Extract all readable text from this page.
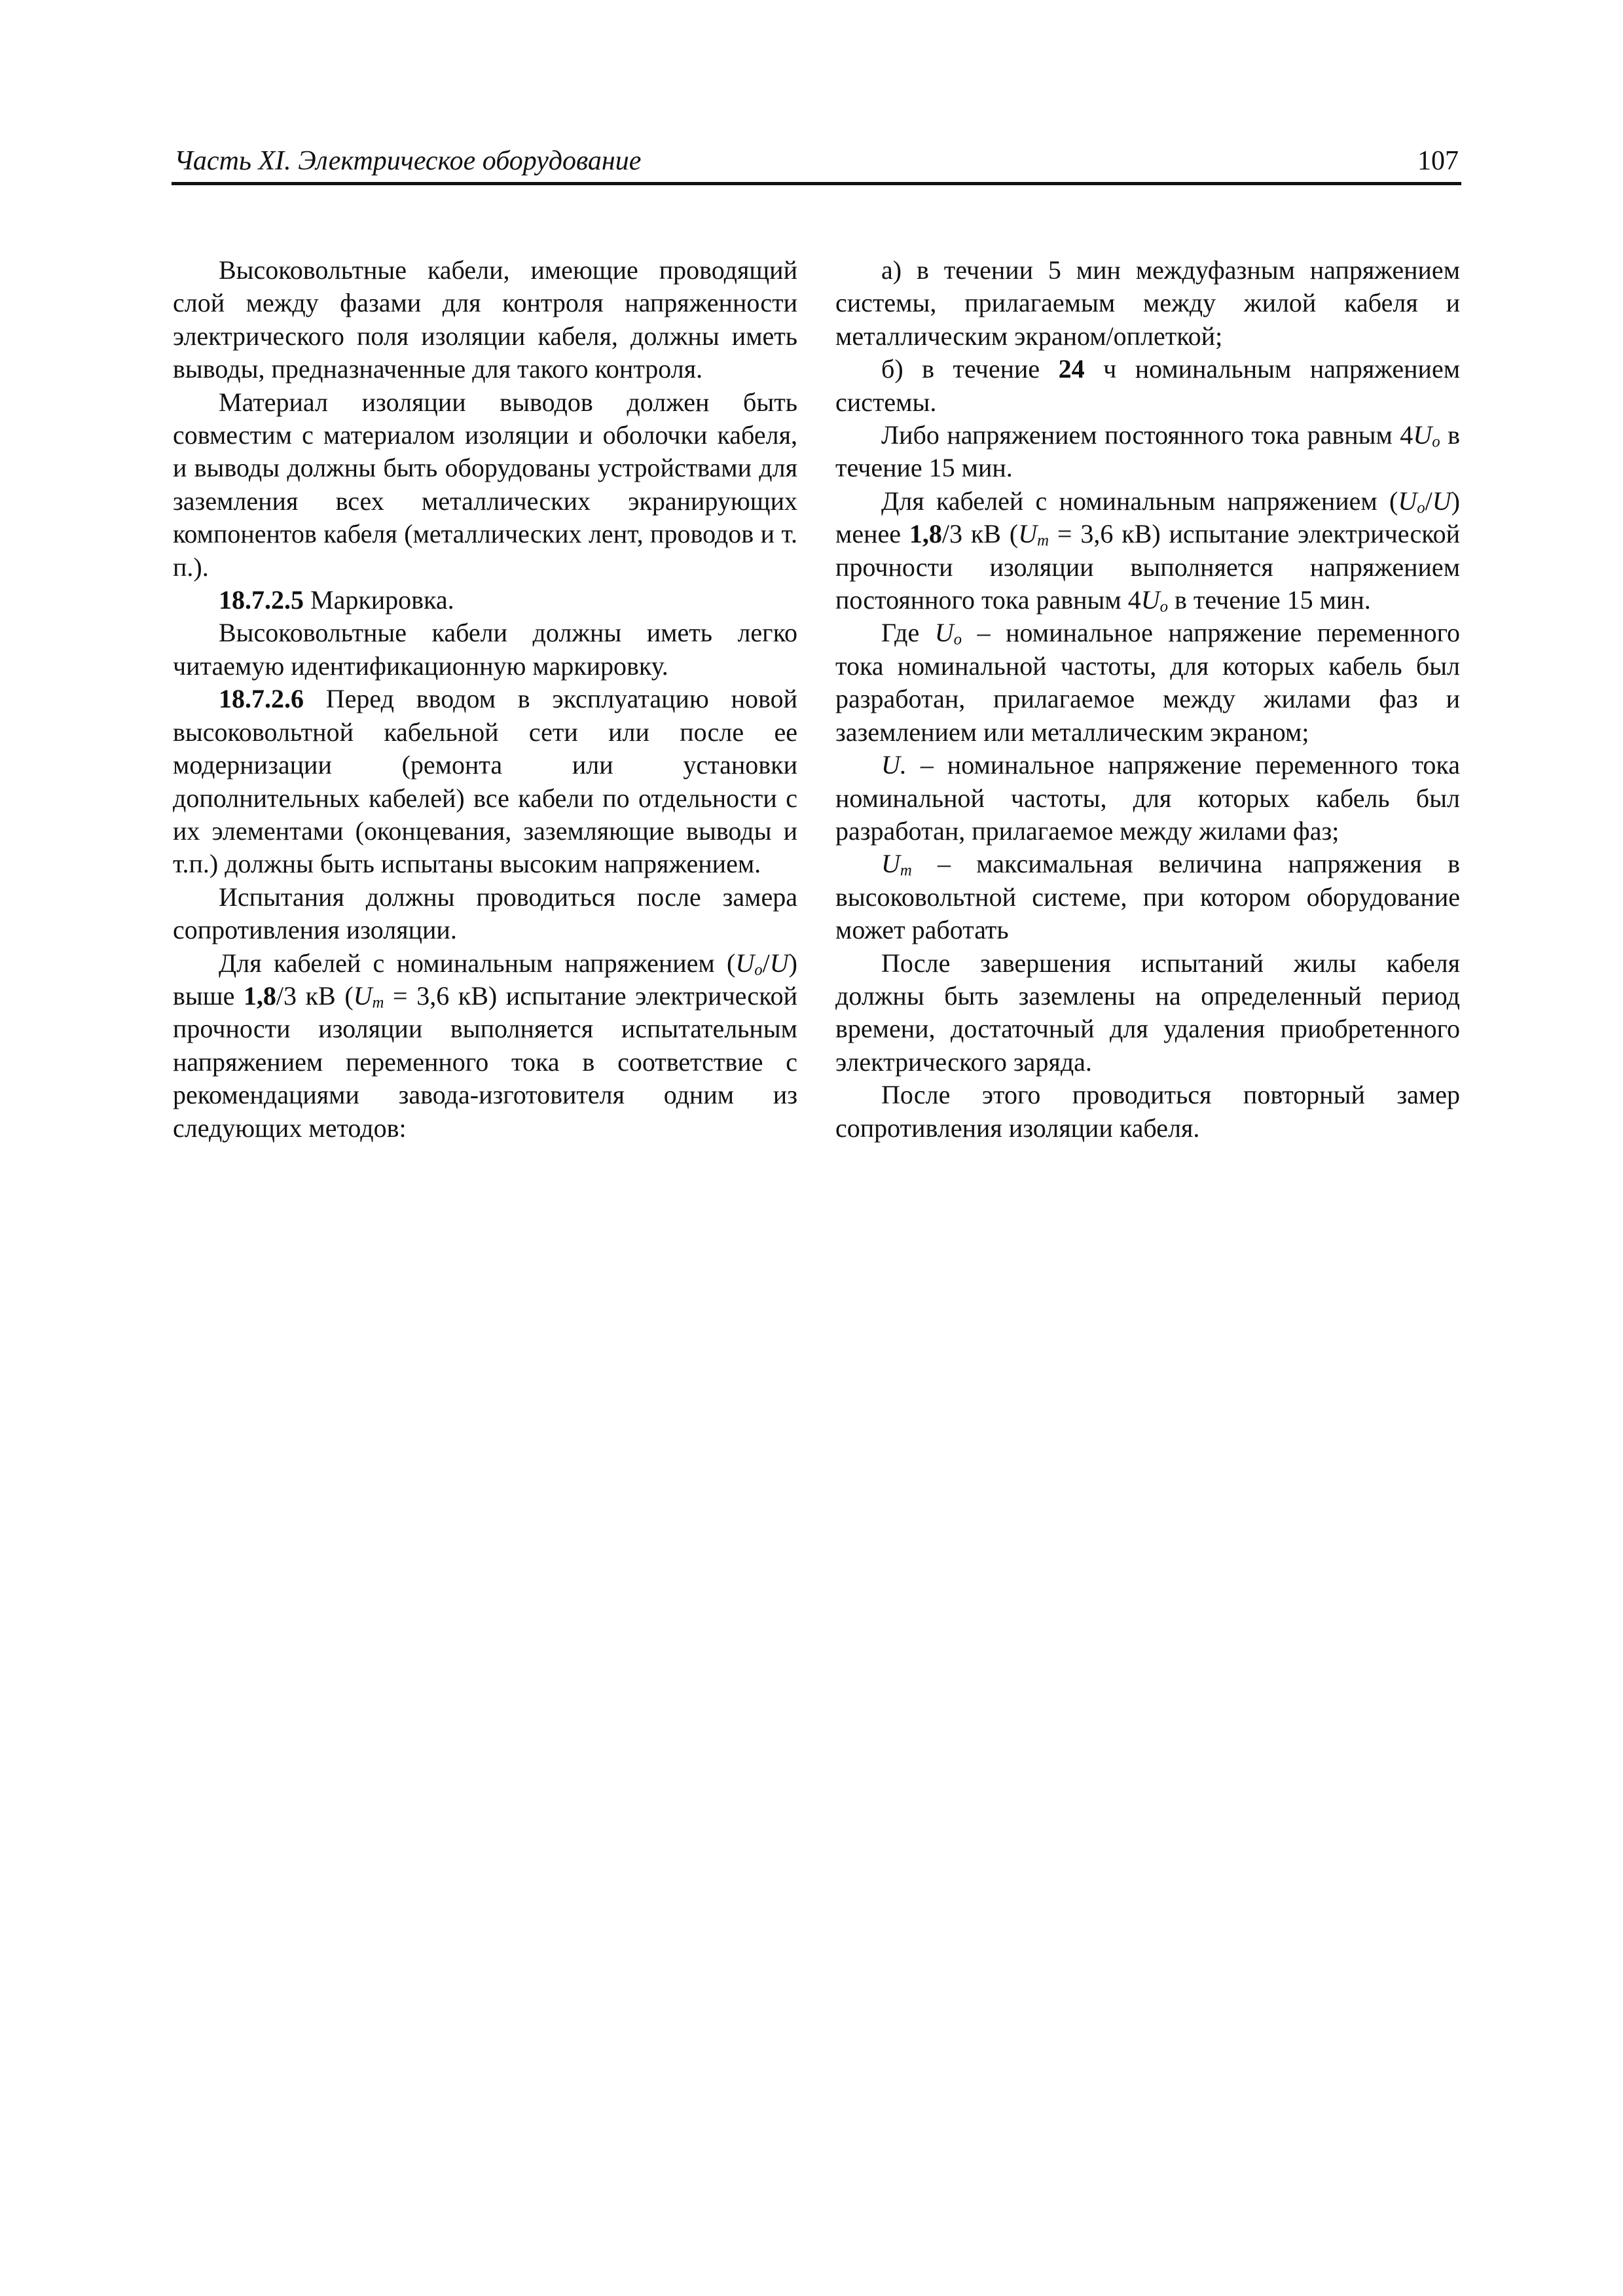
Часть XI. Электрическое оборудование	107

Высоковольтные кабели, имеющие проводящий слой между фазами для контроля напряженности электрического поля изоляции кабеля, должны иметь выводы, предназначенные для такого контроля.

Материал изоляции выводов должен быть совместим с материалом изоляции и оболочки кабеля, и выводы должны быть оборудованы устройствами для заземления всех металлических экранирующих компонентов кабеля (металлических лент, проводов и т. п.).

18.7.2.5 Маркировка.

Высоковольтные кабели должны иметь легко читаемую идентификационную маркировку.

18.7.2.6 Перед вводом в эксплуатацию новой высоковольтной кабельной сети или после ее модернизации (ремонта или установки дополнительных кабелей) все кабели по отдельности с их элементами (оконцевания, заземляющие выводы и т.п.) должны быть испытаны высоким напряжением.

Испытания должны проводиться после замера сопротивления изоляции.

Для кабелей с номинальным напряжением $(U_o/U)$ выше 1,8/3 кВ ($U_m = 3,6$ кВ) испытание электрической прочности изоляции выполняется испытательным напряжением переменного тока в соответствие с рекомендациями завода-изготовителя одним из следующих методов:

а) в течении 5 мин междуфазным напряжением системы, прилагаемым между жилой кабеля и металлическим экраном/оплеткой;

б) в течение 24 ч номинальным напряжением системы.

Либо напряжением постоянного тока равным $4U_o$ в течение 15 мин.

Для кабелей с номинальным напряжением $(U_o/U)$ менее 1,8/3 кВ ($U_m = 3,6$ кВ) испытание электрической прочности изоляции выполняется напряжением постоянного тока равным $4U_o$ в течение 15 мин.

Где $U_o$ – номинальное напряжение переменного тока номинальной частоты, для которых кабель был разработан, прилагаемое между жилами фаз и заземлением или металлическим экраном;

U. – номинальное напряжение переменного тока номинальной частоты, для которых кабель был разработан, прилагаемое между жилами фаз;

$U_m$ – максимальная величина напряжения в высоковольтной системе, при котором оборудование может работать

После завершения испытаний жилы кабеля должны быть заземлены на определенный период времени, достаточный для удаления приобретенного электрического заряда.

После этого проводиться повторный замер сопротивления изоляции кабеля.
